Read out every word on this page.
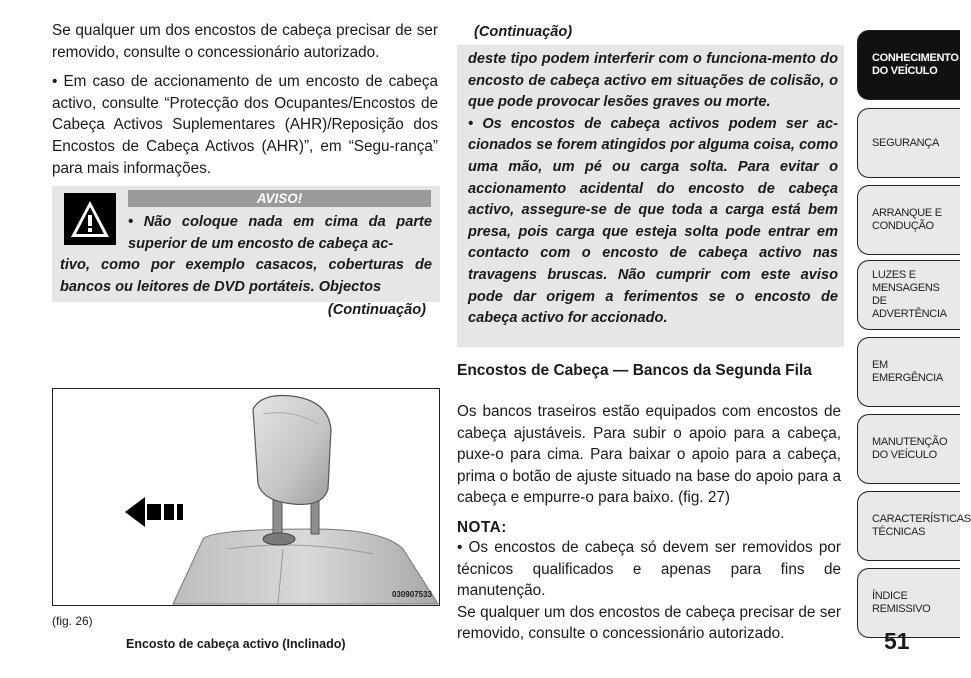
Se qualquer um dos encostos de cabeça precisar de ser removido, consulte o concessionário autorizado.

• Em caso de accionamento de um encosto de cabeça activo, consulte “Protecção dos Ocupantes/Encostos de Cabeça Activos Suplementares (AHR)/Reposição dos Encostos de Cabeça Activos (AHR)”, em “Segu-rança” para mais informações.

AVISO!
• Não coloque nada em cima da parte superior de um encosto de cabeça ac-
tivo, como por exemplo casacos, coberturas de bancos ou leitores de DVD portáteis. Objectos
(Continuação)
(Continuação)

deste tipo podem interferir com o funciona-mento do encosto de cabeça activo em situações de colisão, o que pode provocar lesões graves ou morte.

• Os encostos de cabeça activos podem ser ac-cionados se forem atingidos por alguma coisa, como uma mão, um pé ou carga solta. Para evitar o accionamento acidental do encosto de cabeça activo, assegure-se de que toda a carga está bem presa, pois carga que esteja solta pode entrar em contacto com o encosto de cabeça activo nas travagens bruscas. Não cumprir com este aviso pode dar origem a ferimentos se o encosto de cabeça activo for accionado.

Encostos de Cabeça — Bancos da Segunda Fila

Os bancos traseiros estão equipados com encostos de cabeça ajustáveis. Para subir o apoio para a cabeça, puxe-o para cima. Para baixar o apoio para a cabeça, prima o botão de ajuste situado na base do apoio para a cabeça e empurre-o para baixo. (fig. 27)

NOTA:

• Os encostos de cabeça só devem ser removidos por técnicos qualificados e apenas para fins de manutenção.

Se qualquer um dos encostos de cabeça precisar de ser removido, consulte o concessionário autorizado.

030907533
(fig. 26)
Encosto de cabeça activo (Inclinado)
CONHECIMENTO DO VEÍCULO
SEGURANÇA
ARRANQUE E CONDUÇÃO
LUZES E MENSAGENS DE ADVERTÊNCIA
EM EMERGÊNCIA
MANUTENÇÃO DO VEÍCULO
CARACTERÍSTICAS TÉCNICAS
ÍNDICE REMISSIVO
51
